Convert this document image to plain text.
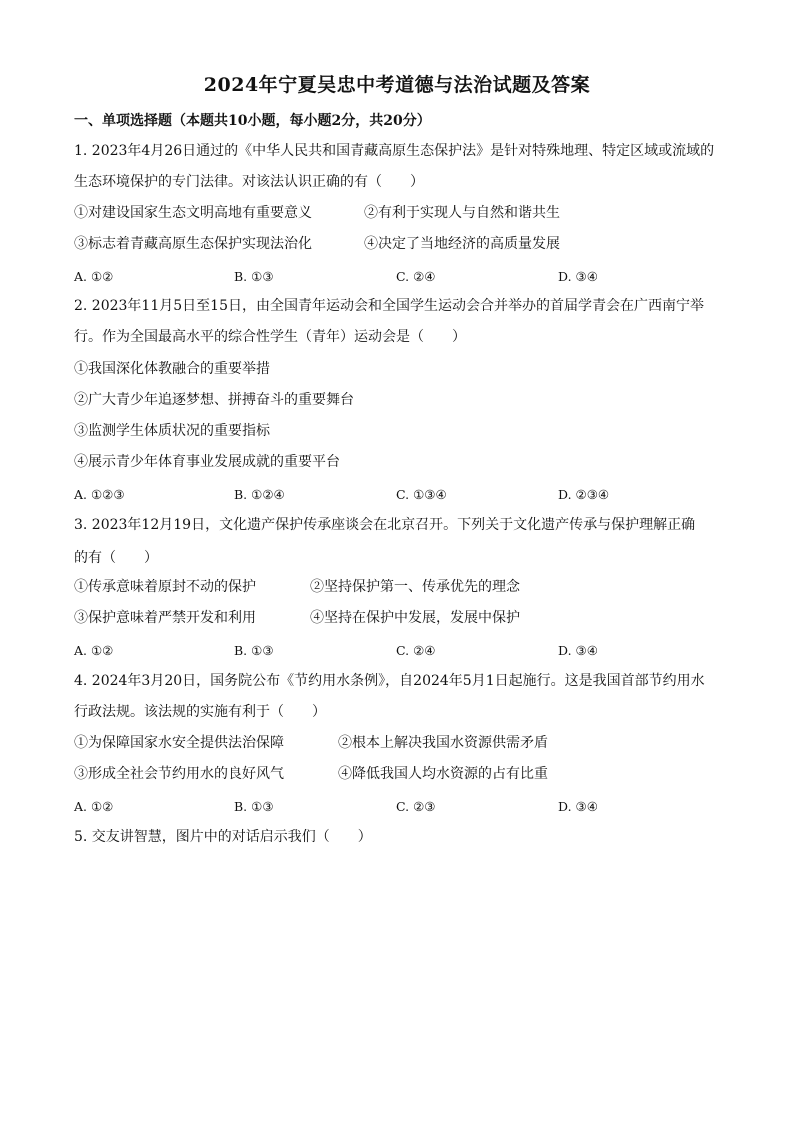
2024年宁夏吴忠中考道德与法治试题及答案
一、单项选择题（本题共10小题，每小题2分，共20分）
1. 2023年4月26日通过的《中华人民共和国青藏高原生态保护法》是针对特殊地理、特定区域或流域的
生态环境保护的专门法律。对该法认识正确的有（　　）
①对建设国家生态文明高地有重要意义	②有利于实现人与自然和谐共生
③标志着青藏高原生态保护实现法治化	④决定了当地经济的高质量发展
A. ①②	B. ①③	C. ②④	D. ③④
2. 2023年11月5日至15日，由全国青年运动会和全国学生运动会合并举办的首届学青会在广西南宁举
行。作为全国最高水平的综合性学生（青年）运动会是（　　）
①我国深化体教融合的重要举措
②广大青少年追逐梦想、拼搏奋斗的重要舞台
③监测学生体质状况的重要指标
④展示青少年体育事业发展成就的重要平台
A. ①②③	B. ①②④	C. ①③④	D. ②③④
3. 2023年12月19日，文化遗产保护传承座谈会在北京召开。下列关于文化遗产传承与保护理解正确
的有（　　）
①传承意味着原封不动的保护	②坚持保护第一、传承优先的理念
③保护意味着严禁开发和利用	④坚持在保护中发展，发展中保护
A. ①②	B. ①③	C. ②④	D. ③④
4. 2024年3月20日，国务院公布《节约用水条例》，自2024年5月1日起施行。这是我国首部节约用水
行政法规。该法规的实施有利于（　　）
①为保障国家水安全提供法治保障	②根本上解决我国水资源供需矛盾
③形成全社会节约用水的良好风气	④降低我国人均水资源的占有比重
A. ①②	B. ①③	C. ②③	D. ③④
5. 交友讲智慧，图片中的对话启示我们（　　）
